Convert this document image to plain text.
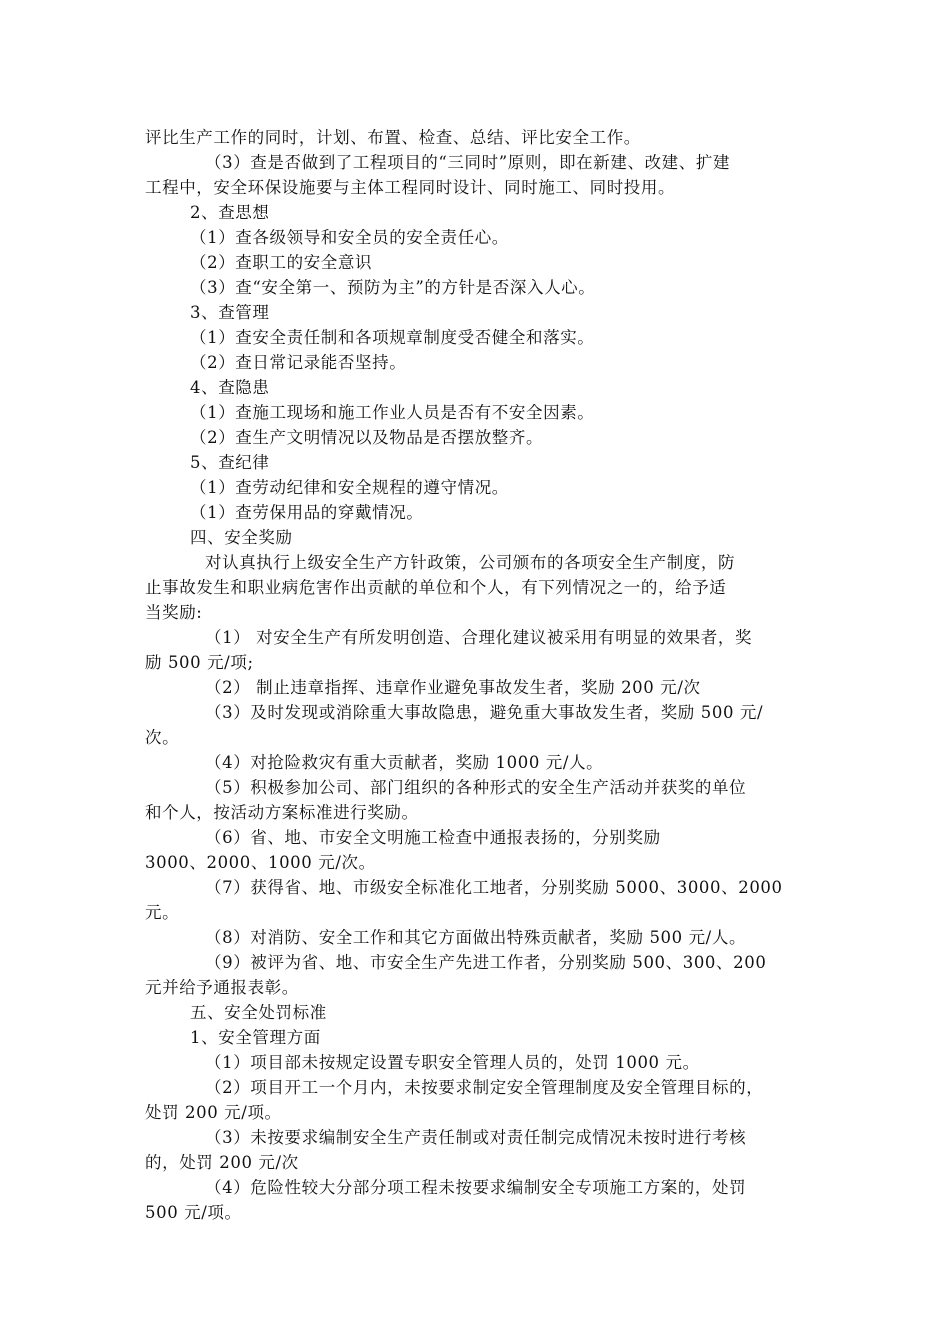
评比生产工作的同时，计划、布置、检查、总结、评比安全工作。

（3）查是否做到了工程项目的“三同时”原则，即在新建、改建、扩建

工程中，安全环保设施要与主体工程同时设计、同时施工、同时投用。

2、查思想

（1）查各级领导和安全员的安全责任心。

（2）查职工的安全意识

（3）查“安全第一、预防为主”的方针是否深入人心。

3、查管理

（1）查安全责任制和各项规章制度受否健全和落实。

（2）查日常记录能否坚持。

4、查隐患

（1）查施工现场和施工作业人员是否有不安全因素。

（2）查生产文明情况以及物品是否摆放整齐。

5、查纪律

（1）查劳动纪律和安全规程的遵守情况。

（1）查劳保用品的穿戴情况。

四、安全奖励

对认真执行上级安全生产方针政策，公司颁布的各项安全生产制度，防

止事故发生和职业病危害作出贡献的单位和个人，有下列情况之一的，给予适

当奖励:

（1） 对安全生产有所发明创造、合理化建议被采用有明显的效果者，奖

励 500 元/项;

（2） 制止违章指挥、违章作业避免事故发生者，奖励 200 元/次

（3）及时发现或消除重大事故隐患，避免重大事故发生者，奖励 500 元/

次。

（4）对抢险救灾有重大贡献者，奖励 1000 元/人。

（5）积极参加公司、部门组织的各种形式的安全生产活动并获奖的单位

和个人，按活动方案标准进行奖励。

（6）省、地、市安全文明施工检查中通报表扬的，分别奖励

3000、2000、1000 元/次。

（7）获得省、地、市级安全标准化工地者，分别奖励 5000、3000、2000

元。

（8）对消防、安全工作和其它方面做出特殊贡献者，奖励 500 元/人。

（9）被评为省、地、市安全生产先进工作者，分别奖励 500、300、200

元并给予通报表彰。

五、安全处罚标准

1、安全管理方面

（1）项目部未按规定设置专职安全管理人员的，处罚 1000 元。

（2）项目开工一个月内，未按要求制定安全管理制度及安全管理目标的，

处罚 200 元/项。

（3）未按要求编制安全生产责任制或对责任制完成情况未按时进行考核

的，处罚 200 元/次

（4）危险性较大分部分项工程未按要求编制安全专项施工方案的，处罚

500 元/项。
